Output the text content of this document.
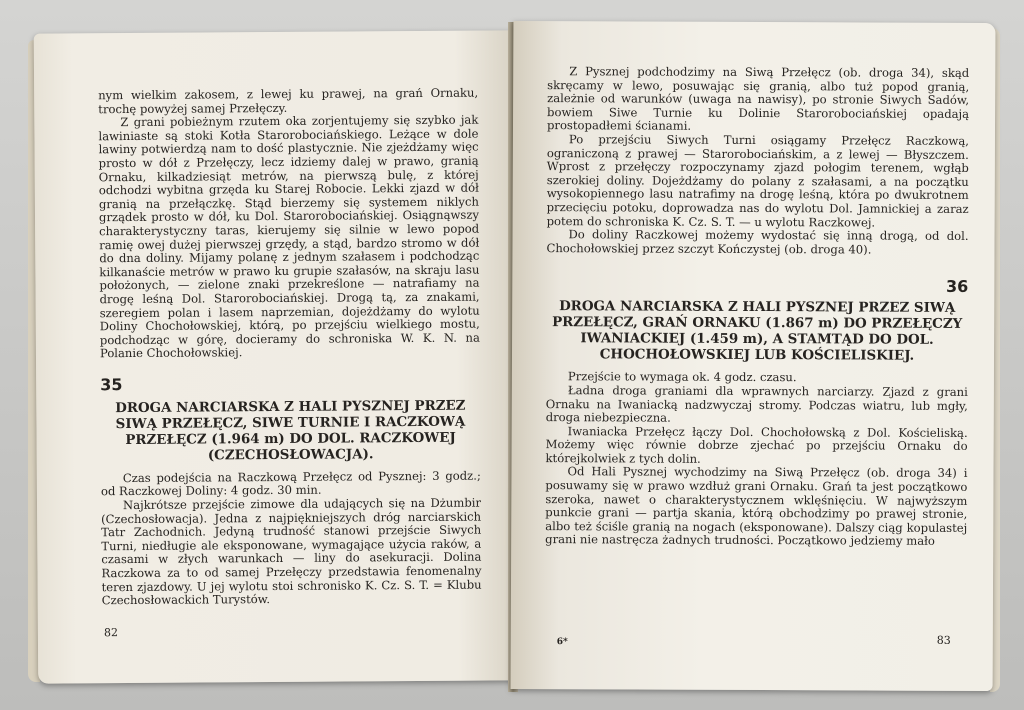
nym wielkim zakosem, z lewej ku prawej, na grań Ornaku, trochę powyżej samej Przełęczy.

Z grani pobieżnym rzutem oka zorjentujemy się szybko jak lawiniaste są stoki Kotła Starorobociańskiego. Leżące w dole lawiny potwierdzą nam to dość plastycznie. Nie zjeżdżamy więc prosto w dół z Przełęczy, lecz idziemy dalej w prawo, granią Ornaku, kilkadziesiąt metrów, na pierwszą bulę, z której odchodzi wybitna grzęda ku Starej Robocie. Lekki zjazd w dół granią na przełączkę. Stąd bierzemy się systemem niklych grządek prosto w dół, ku Dol. Starorobociańskiej. Osiągnąwszy charakterystyczny taras, kierujemy się silnie w lewo popod ramię owej dużej pierwszej grzędy, a stąd, bardzo stromo w dół do dna doliny. Mijamy polanę z jednym szałasem i podchodząc kilkanaście metrów w prawo ku grupie szałasów, na skraju lasu położonych, — zielone znaki przekreślone — natrafiamy na drogę leśną Dol. Starorobociańskiej. Drogą tą, za znakami, szeregiem polan i lasem naprzemian, dojeżdżamy do wylotu Doliny Chochołowskiej, którą, po przejściu wielkiego mostu, podchodząc w górę, docieramy do schroniska W. K. N. na Polanie Chochołowskiej.

35
DROGA NARCIARSKA Z HALI PYSZNEJ PRZEZ SIWĄ PRZEŁĘCZ, SIWE TURNIE I RACZKOWĄ PRZEŁĘCZ (1.964 m) DO DOL. RACZKOWEJ (CZECHOSŁOWACJA).

Czas podejścia na Raczkową Przełęcz od Pysznej: 3 godz.; od Raczkowej Doliny: 4 godz. 30 min.

Najkrótsze przejście zimowe dla udających się na Dżumbir (Czechosłowacja). Jedna z najpiękniejszych dróg narciarskich Tatr Zachodnich. Jedyną trudność stanowi przejście Siwych Turni, niedługie ale eksponowane, wymagające użycia raków, a czasami w złych warunkach — liny do asekuracji. Dolina Raczkowa za to od samej Przełęczy przedstawia fenomenalny teren zjazdowy. U jej wylotu stoi schronisko K. Cz. S. T. = Klubu Czechosłowackich Turystów.

82

Z Pysznej podchodzimy na Siwą Przełęcz (ob. droga 34), skąd skręcamy w lewo, posuwając się granią, albo tuż popod granią, zależnie od warunków (uwaga na nawisy), po stronie Siwych Sadów, bowiem Siwe Turnie ku Dolinie Starorobociańskiej opadają prostopadłemi ścianami.

Po przejściu Siwych Turni osiągamy Przełęcz Raczkową, ograniczoną z prawej — Starorobociańskim, a z lewej — Błyszczem. Wprost z przełęczy rozpoczynamy zjazd połogim terenem, wgłąb szerokiej doliny. Dojeżdżamy do polany z szałasami, a na początku wysokopiennego lasu natrafimy na drogę leśną, która po dwukrotnem przecięciu potoku, doprowadza nas do wylotu Dol. Jamnickiej a zaraz potem do schroniska K. Cz. S. T. — u wylotu Raczkowej.

Do doliny Raczkowej możemy wydostać się inną drogą, od dol. Chochołowskiej przez szczyt Kończystej (ob. droga 40).

36
DROGA NARCIARSKA Z HALI PYSZNEJ PRZEZ SIWĄ PRZEŁĘCZ, GRAŃ ORNAKU (1.867 m) DO PRZEŁĘCZY IWANIACKIEJ (1.459 m), A STAMTĄD DO DOL. CHOCHOŁOWSKIEJ LUB KOŚCIELISKIEJ.

Przejście to wymaga ok. 4 godz. czasu.

Ładna droga graniami dla wprawnych narciarzy. Zjazd z grani Ornaku na Iwaniacką nadzwyczaj stromy. Podczas wiatru, lub mgły, droga niebezpieczna.

Iwaniacka Przełęcz łączy Dol. Chochołowską z Dol. Kościeliską. Możemy więc równie dobrze zjechać po przejściu Ornaku do którejkolwiek z tych dolin.

Od Hali Pysznej wychodzimy na Siwą Przełęcz (ob. droga 34) i posuwamy się w prawo wzdłuż grani Ornaku. Grań ta jest początkowo szeroka, nawet o charakterystycznem wklęśnięciu. W najwyższym punkcie grani — partja skania, którą obchodzimy po prawej stronie, albo też ściśle granią na nogach (eksponowane). Dalszy ciąg kopulastej grani nie nastręcza żadnych trudności. Początkowo jedziemy mało

6*	83
